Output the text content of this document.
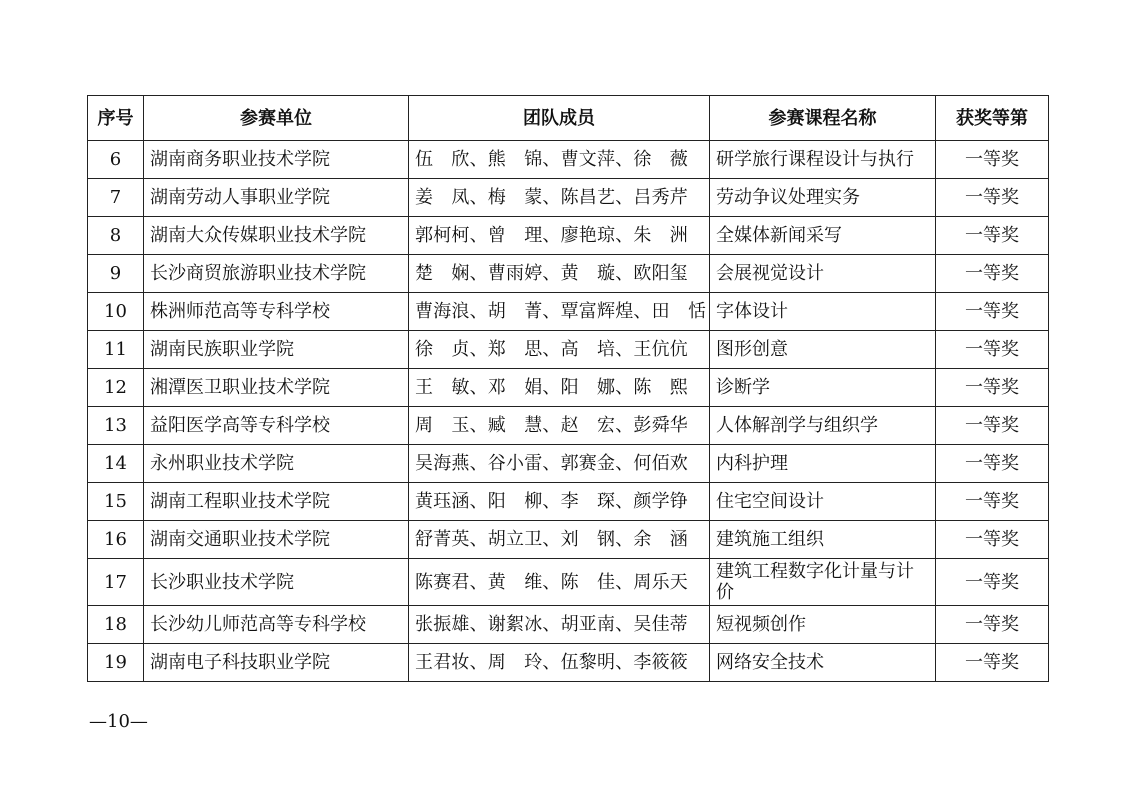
序号	参赛单位	团队成员	参赛课程名称	获奖等第
6	湖南商务职业技术学院	伍　欣、熊　锦、曹文萍、徐　薇	研学旅行课程设计与执行	一等奖
7	湖南劳动人事职业学院	姜　凤、梅　蒙、陈昌艺、吕秀芹	劳动争议处理实务	一等奖
8	湖南大众传媒职业技术学院	郭柯柯、曾　理、廖艳琼、朱　洲	全媒体新闻采写	一等奖
9	长沙商贸旅游职业技术学院	楚　娴、曹雨婷、黄　璇、欧阳玺	会展视觉设计	一等奖
10	株洲师范高等专科学校	曹海浪、胡　菁、覃富辉煌、田　恬	字体设计	一等奖
11	湖南民族职业学院	徐　贞、郑　思、高　培、王伉伉	图形创意	一等奖
12	湘潭医卫职业技术学院	王　敏、邓　娟、阳　娜、陈　熙	诊断学	一等奖
13	益阳医学高等专科学校	周　玉、臧　慧、赵　宏、彭舜华	人体解剖学与组织学	一等奖
14	永州职业技术学院	吴海燕、谷小雷、郭赛金、何佰欢	内科护理	一等奖
15	湖南工程职业技术学院	黄珏涵、阳　柳、李　琛、颜学铮	住宅空间设计	一等奖
16	湖南交通职业技术学院	舒菁英、胡立卫、刘　钢、余　涵	建筑施工组织	一等奖
17	长沙职业技术学院	陈赛君、黄　维、陈　佳、周乐天	建筑工程数字化计量与计价	一等奖
18	长沙幼儿师范高等专科学校	张振雄、谢絮冰、胡亚南、吴佳蒂	短视频创作	一等奖
19	湖南电子科技职业学院	王君妆、周　玲、伍黎明、李筱筱	网络安全技术	一等奖
—10—
